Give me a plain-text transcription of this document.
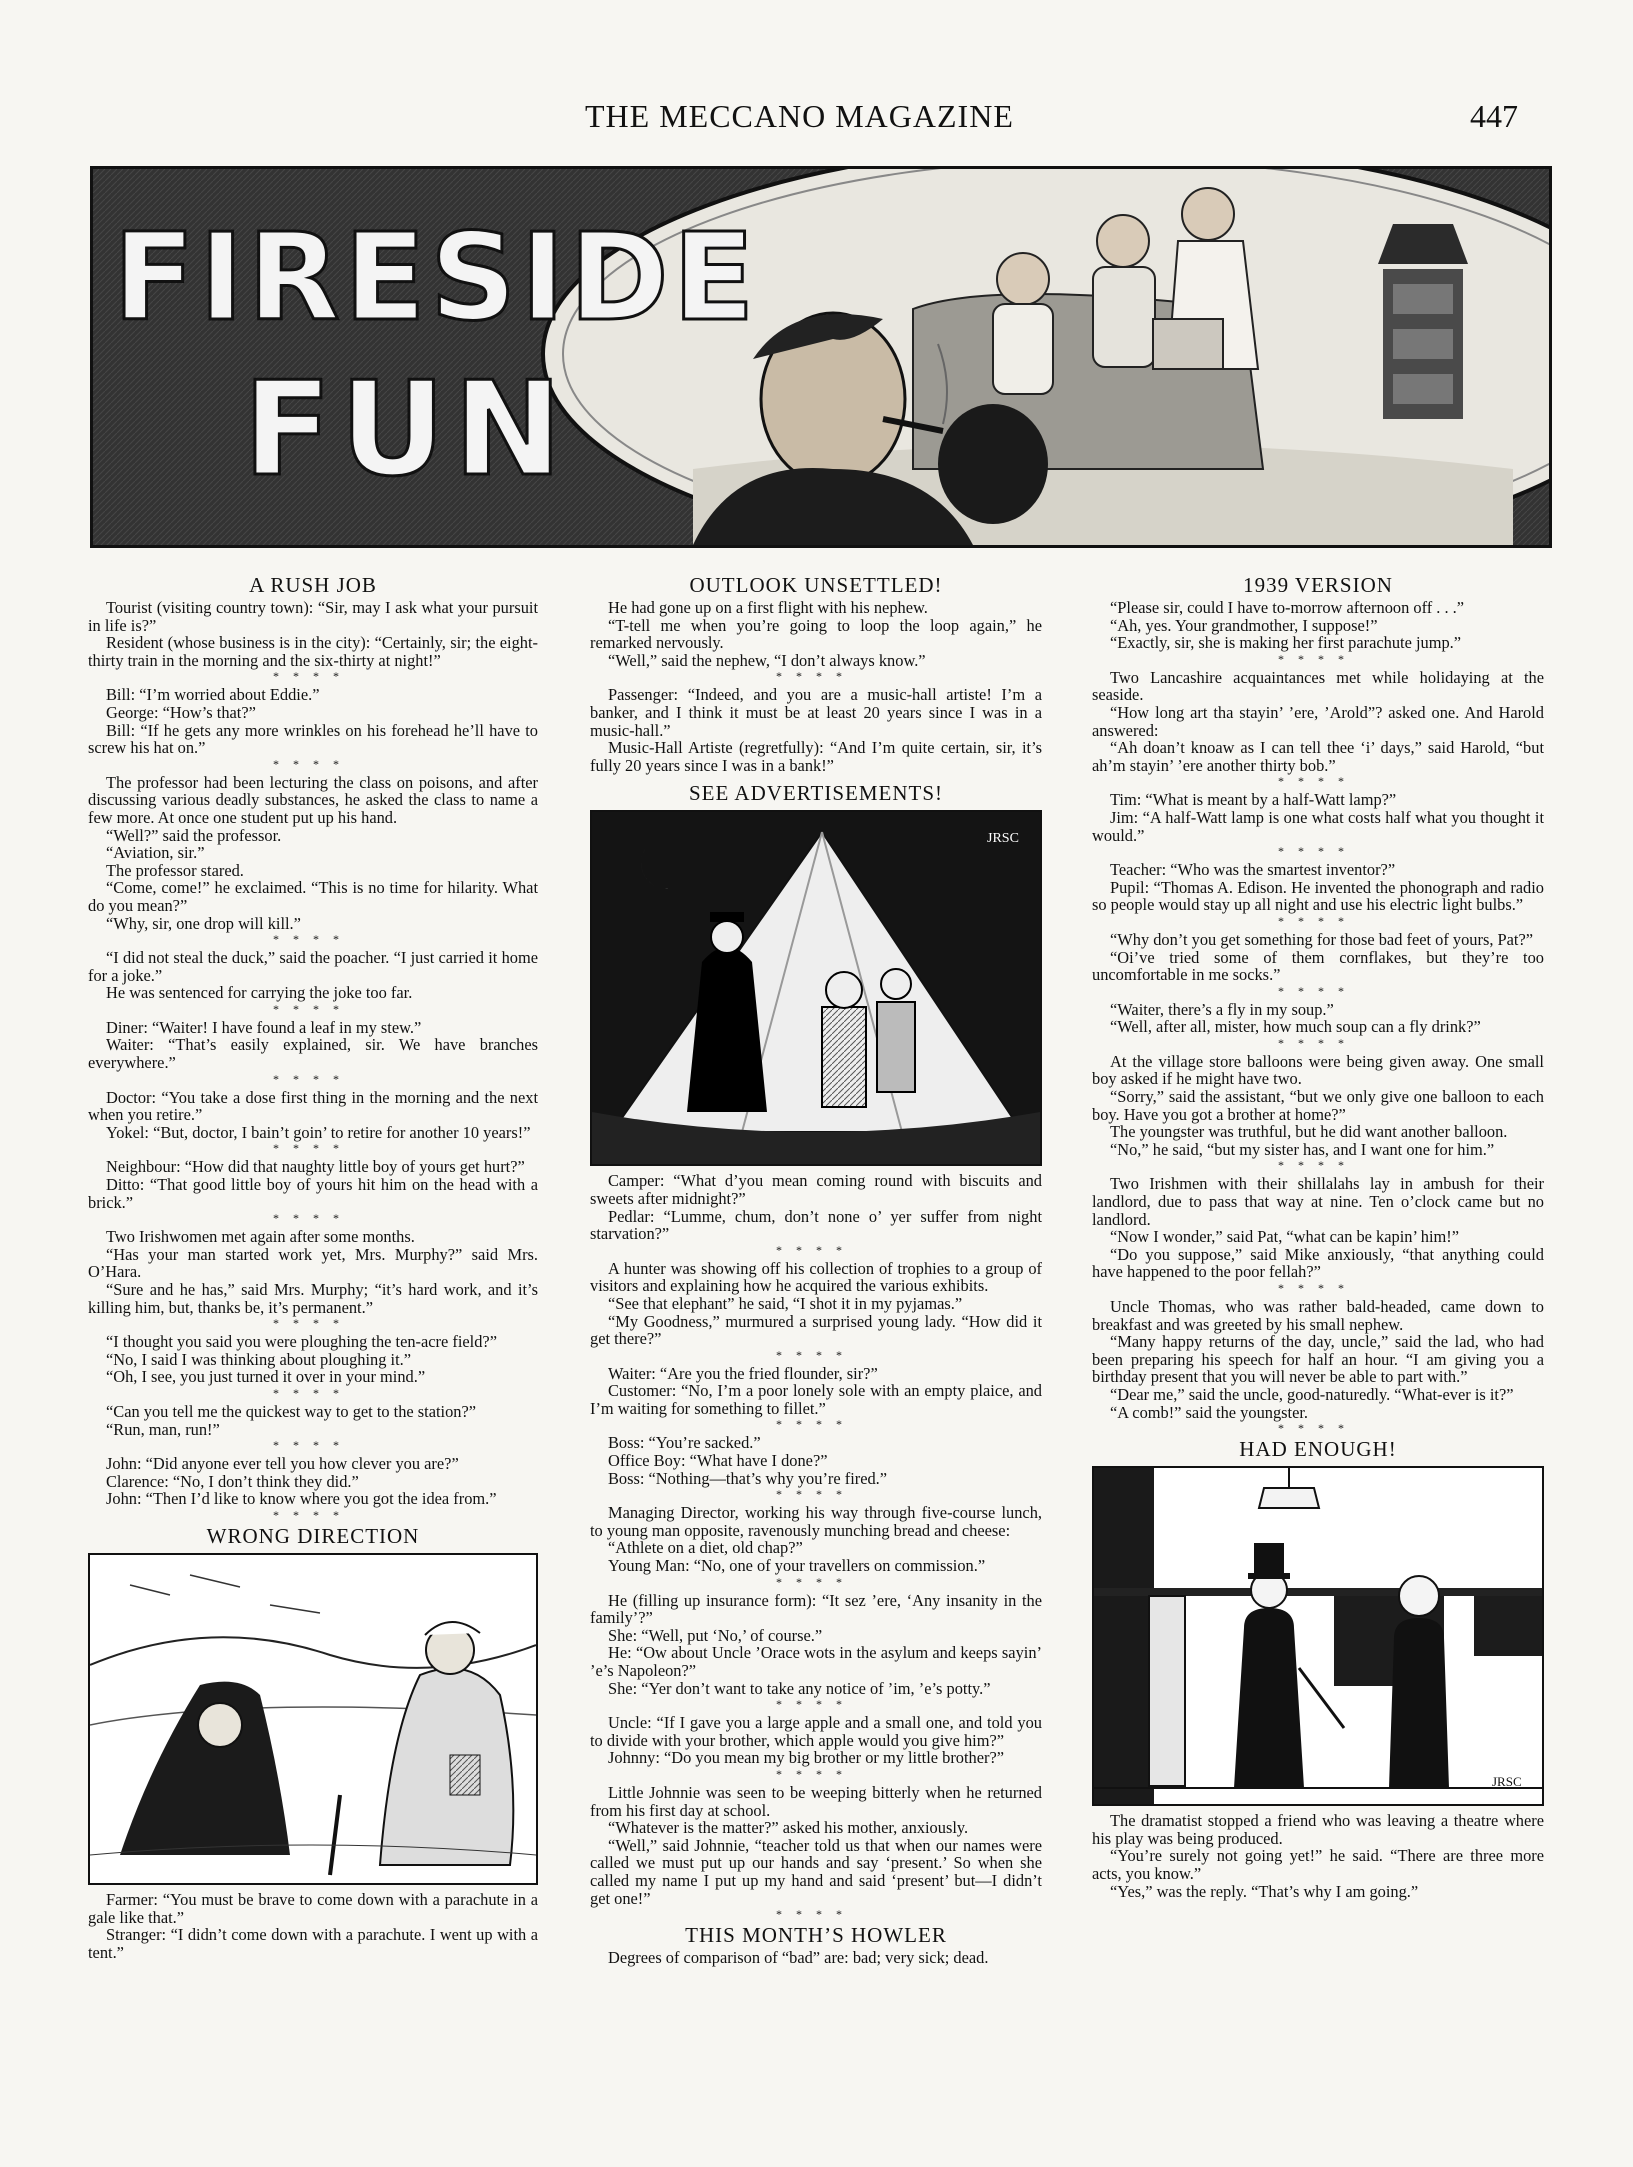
THE MECCANO MAGAZINE	447
FIRESIDE
FUN
A RUSH JOB

Tourist (visiting country town): “Sir, may I ask what your pursuit in life is?”

Resident (whose business is in the city): “Certainly, sir; the eight-thirty train in the morning and the six-thirty at night!”

****

Bill: “I’m worried about Eddie.”

George: “How’s that?”

Bill: “If he gets any more wrinkles on his forehead he’ll have to screw his hat on.”

****

The professor had been lecturing the class on poisons, and after discussing various deadly substances, he asked the class to name a few more. At once one student put up his hand.

“Well?” said the professor.

“Aviation, sir.”

The professor stared.

“Come, come!” he exclaimed. “This is no time for hilarity. What do you mean?”

“Why, sir, one drop will kill.”

****

“I did not steal the duck,” said the poacher. “I just carried it home for a joke.”

He was sentenced for carrying the joke too far.

****

Diner: “Waiter! I have found a leaf in my stew.”

Waiter: “That’s easily explained, sir. We have branches everywhere.”

****

Doctor: “You take a dose first thing in the morning and the next when you retire.”

Yokel: “But, doctor, I bain’t goin’ to retire for another 10 years!”

****

Neighbour: “How did that naughty little boy of yours get hurt?”

Ditto: “That good little boy of yours hit him on the head with a brick.”

****

Two Irishwomen met again after some months.

“Has your man started work yet, Mrs. Murphy?” said Mrs. O’Hara.

“Sure and he has,” said Mrs. Murphy; “it’s hard work, and it’s killing him, but, thanks be, it’s permanent.”

****

“I thought you said you were ploughing the ten-acre field?”

“No, I said I was thinking about ploughing it.”

“Oh, I see, you just turned it over in your mind.”

****

“Can you tell me the quickest way to get to the station?”

“Run, man, run!”

****

John: “Did anyone ever tell you how clever you are?”

Clarence: “No, I don’t think they did.”

John: “Then I’d like to know where you got the idea from.”

****
WRONG DIRECTION

Farmer: “You must be brave to come down with a parachute in a gale like that.”

Stranger: “I didn’t come down with a parachute. I went up with a tent.”

OUTLOOK UNSETTLED!

He had gone up on a first flight with his nephew.

“T-tell me when you’re going to loop the loop again,” he remarked nervously.

“Well,” said the nephew, “I don’t always know.”

****

Passenger: “Indeed, and you are a music-hall artiste! I’m a banker, and I think it must be at least 20 years since I was in a music-hall.”

Music-Hall Artiste (regretfully): “And I’m quite certain, sir, it’s fully 20 years since I was in a bank!”

SEE ADVERTISEMENTS!
JRSC

Camper: “What d’you mean coming round with biscuits and sweets after midnight?”

Pedlar: “Lumme, chum, don’t none o’ yer suffer from night starvation?”

****

A hunter was showing off his collection of trophies to a group of visitors and explaining how he acquired the various exhibits.

“See that elephant” he said, “I shot it in my pyjamas.”

“My Goodness,” murmured a surprised young lady. “How did it get there?”

****

Waiter: “Are you the fried flounder, sir?”

Customer: “No, I’m a poor lonely sole with an empty plaice, and I’m waiting for something to fillet.”

****

Boss: “You’re sacked.”

Office Boy: “What have I done?”

Boss: “Nothing—that’s why you’re fired.”

****

Managing Director, working his way through five-course lunch, to young man opposite, ravenously munching bread and cheese:

“Athlete on a diet, old chap?”

Young Man: “No, one of your travellers on commission.”

****

He (filling up insurance form): “It sez ’ere, ‘Any insanity in the family’?”

She: “Well, put ‘No,’ of course.”

He: “Ow about Uncle ’Orace wots in the asylum and keeps sayin’ ’e’s Napoleon?”

She: “Yer don’t want to take any notice of ’im, ’e’s potty.”

****

Uncle: “If I gave you a large apple and a small one, and told you to divide with your brother, which apple would you give him?”

Johnny: “Do you mean my big brother or my little brother?”

****

Little Johnnie was seen to be weeping bitterly when he returned from his first day at school.

“Whatever is the matter?” asked his mother, anxiously.

“Well,” said Johnnie, “teacher told us that when our names were called we must put up our hands and say ‘present.’ So when she called my name I put up my hand and said ‘present’ but—I didn’t get one!”

****
THIS MONTH’S HOWLER

Degrees of comparison of “bad” are: bad; very sick; dead.

1939 VERSION

“Please sir, could I have to-morrow afternoon off . . .”

“Ah, yes. Your grandmother, I suppose!”

“Exactly, sir, she is making her first parachute jump.”

****

Two Lancashire acquaintances met while holidaying at the seaside.

“How long art tha stayin’ ’ere, ’Arold”? asked one. And Harold answered:

“Ah doan’t knoaw as I can tell thee ‘i’ days,” said Harold, “but ah’m stayin’ ’ere another thirty bob.”

****

Tim: “What is meant by a half-Watt lamp?”

Jim: “A half-Watt lamp is one what costs half what you thought it would.”

****

Teacher: “Who was the smartest inventor?”

Pupil: “Thomas A. Edison. He invented the phonograph and radio so people would stay up all night and use his electric light bulbs.”

****

“Why don’t you get something for those bad feet of yours, Pat?”

“Oi’ve tried some of them cornflakes, but they’re too uncomfortable in me socks.”

****

“Waiter, there’s a fly in my soup.”

“Well, after all, mister, how much soup can a fly drink?”

****

At the village store balloons were being given away. One small boy asked if he might have two.

“Sorry,” said the assistant, “but we only give one balloon to each boy. Have you got a brother at home?”

The youngster was truthful, but he did want another balloon.

“No,” he said, “but my sister has, and I want one for him.”

****

Two Irishmen with their shillalahs lay in ambush for their landlord, due to pass that way at nine. Ten o’clock came but no landlord.

“Now I wonder,” said Pat, “what can be kapin’ him!”

“Do you suppose,” said Mike anxiously, “that anything could have happened to the poor fellah?”

****

Uncle Thomas, who was rather bald-headed, came down to breakfast and was greeted by his small nephew.

“Many happy returns of the day, uncle,” said the lad, who had been preparing his speech for half an hour. “I am giving you a birthday present that you will never be able to part with.”

“Dear me,” said the uncle, good-naturedly. “What-ever is it?”

“A comb!” said the youngster.

****
HAD ENOUGH!
JRSC

The dramatist stopped a friend who was leaving a theatre where his play was being produced.

“You’re surely not going yet!” he said. “There are three more acts, you know.”

“Yes,” was the reply. “That’s why I am going.”
